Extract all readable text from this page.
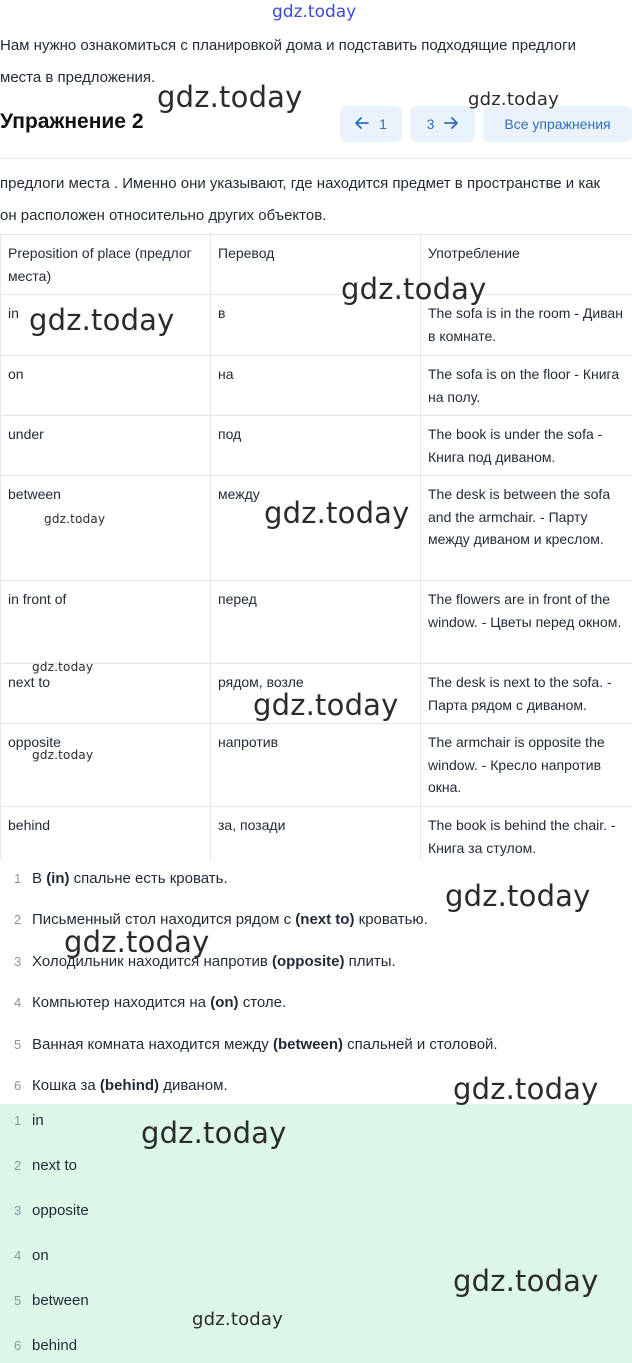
gdz.today
Нам нужно ознакомиться с планировкой дома и подставить подходящие предлоги места в предложения.
Упражнение 2	1	3	Все упражнения
предлоги места . Именно они указывают, где находится предмет в пространстве и как он расположен относительно других объектов.
Preposition of place (предлог места)	Перевод	Употребление
in	в	The sofa is in the room - Диван в комнате.
on	на	The sofa is on the floor - Книга на полу.
under	под	The book is under the sofa - Книга под диваном.
between	между	The desk is between the sofa and the armchair. - Парту между диваном и креслом.
in front of	перед	The flowers are in front of the window. - Цветы перед окном.
next to	рядом, возле	The desk is next to the sofa. - Парта рядом с диваном.
opposite	напротив	The armchair is opposite the window. - Кресло напротив окна.
behind	за, позади	The book is behind the chair. - Книга за стулом.
1 В (in) спальне есть кровать.
2 Письменный стол находится рядом с (next to) кроватью.
3 Холодильник находится напротив (opposite) плиты.
4 Компьютер находится на (on) столе.
5 Ванная комната находится между (between) спальней и столовой.
6 Кошка за (behind) диваном.
1 in
2 next to
3 opposite
4 on
5 between
6 behind
gdz.today	gdz.today
gdz.today
gdz.today
gdz.today
gdz.today
gdz.today
gdz.today
gdz.today
gdz.today
gdz.today
gdz.today
gdz.today
gdz.today
gdz.today
